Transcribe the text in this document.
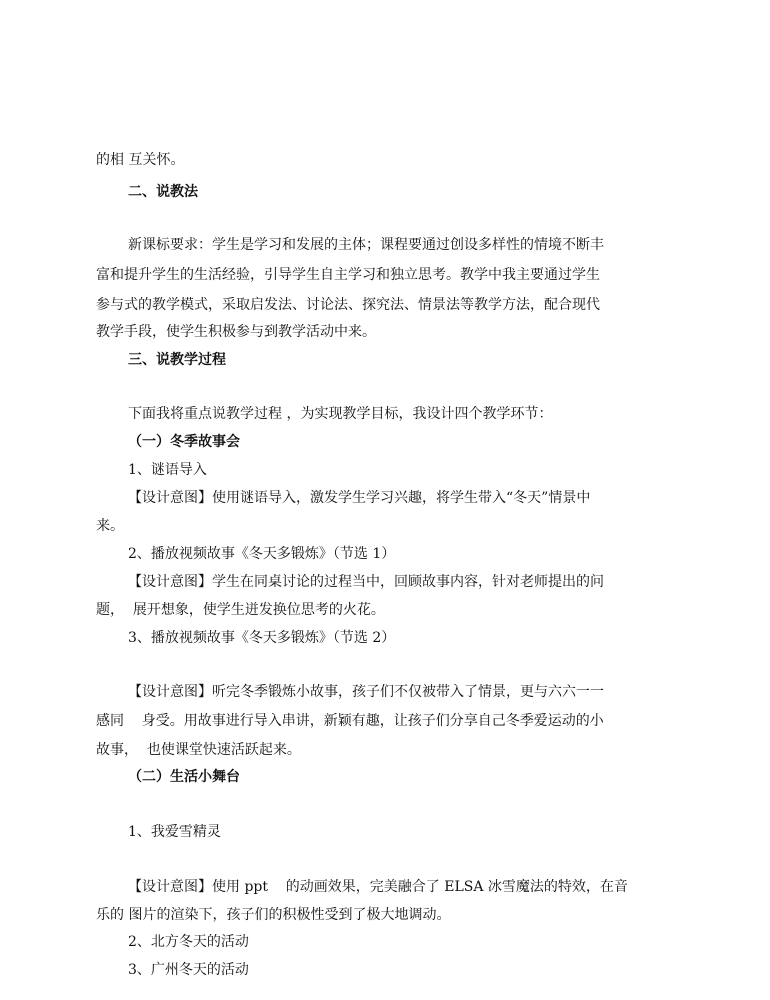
的相 互关怀。
二、说教法
新课标要求：学生是学习和发展的主体；课程要通过创设多样性的情境不断丰
富和提升学生的生活经验，引导学生自主学习和独立思考。教学中我主要通过学生
参与式的教学模式，采取启发法、讨论法、探究法、情景法等教学方法，配合现代
教学手段，使学生积极参与到教学活动中来。
三、说教学过程
下面我将重点说教学过程 ，为实现教学目标，我设计四个教学环节：
（一）冬季故事会
1、谜语导入
【设计意图】使用谜语导入，激发学生学习兴趣，将学生带入“冬天”情景中
来。
2、播放视频故事《冬天多锻炼》（节选 1）
【设计意图】学生在同桌讨论的过程当中，回顾故事内容，针对老师提出的问
题，  展开想象，使学生迸发换位思考的火花。
3、播放视频故事《冬天多锻炼》（节选 2）
【设计意图】听完冬季锻炼小故事，孩子们不仅被带入了情景，更与六六一一
感同    身受。用故事进行导入串讲，新颖有趣，让孩子们分享自己冬季爱运动的小
故事，  也使课堂快速活跃起来。
（二）生活小舞台
1、我爱雪精灵
【设计意图】使用 ppt    的动画效果，完美融合了 ELSA 冰雪魔法的特效，在音
乐的 图片的渲染下，孩子们的积极性受到了极大地调动。
2、北方冬天的活动
3、广州冬天的活动
